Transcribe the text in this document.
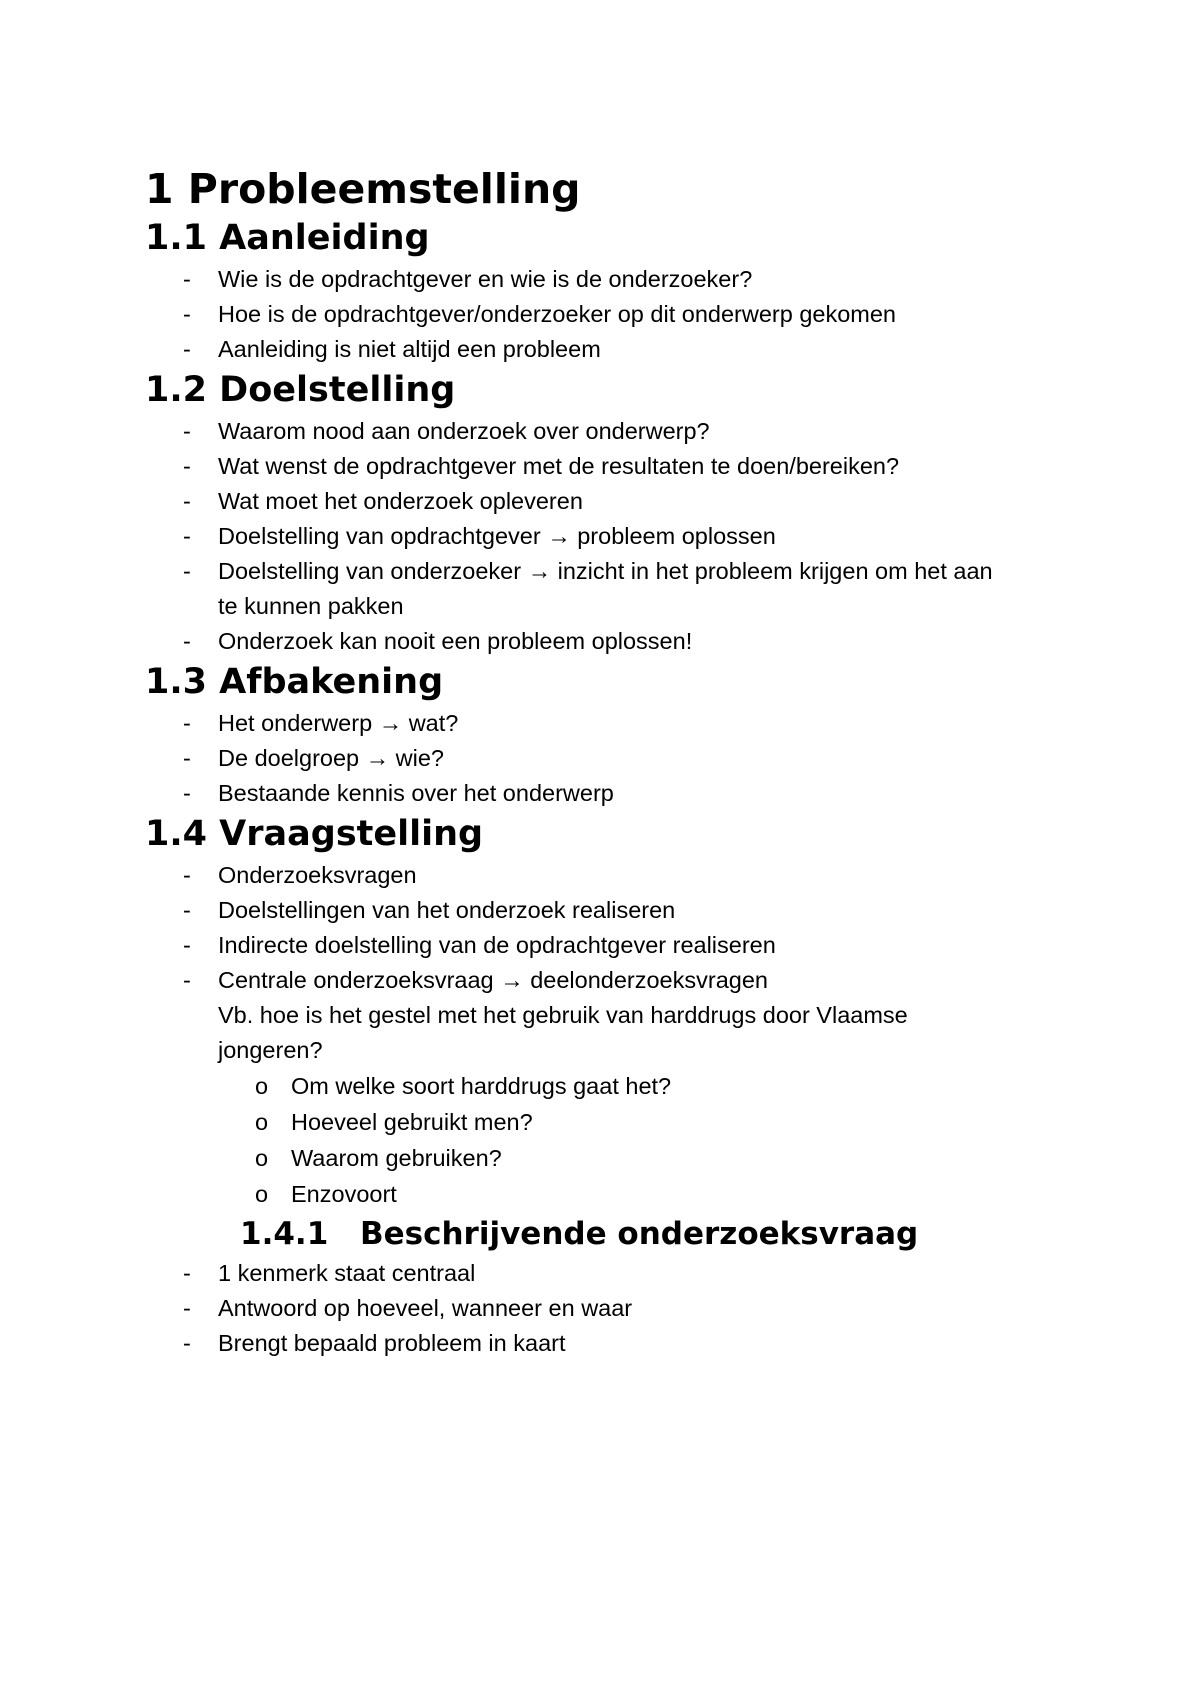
1 Probleemstelling
1.1 Aanleiding
- Wie is de opdrachtgever en wie is de onderzoeker?
- Hoe is de opdrachtgever/onderzoeker op dit onderwerp gekomen
- Aanleiding is niet altijd een probleem
1.2 Doelstelling
- Waarom nood aan onderzoek over onderwerp?
- Wat wenst de opdrachtgever met de resultaten te doen/bereiken?
- Wat moet het onderzoek opleveren
- Doelstelling van opdrachtgever → probleem oplossen
- Doelstelling van onderzoeker → inzicht in het probleem krijgen om het aan te kunnen pakken
- Onderzoek kan nooit een probleem oplossen!
1.3 Afbakening
- Het onderwerp → wat?
- De doelgroep → wie?
- Bestaande kennis over het onderwerp
1.4 Vraagstelling
- Onderzoeksvragen
- Doelstellingen van het onderzoek realiseren
- Indirecte doelstelling van de opdrachtgever realiseren
- Centrale onderzoeksvraag → deelonderzoeksvragen
Vb. hoe is het gestel met het gebruik van harddrugs door Vlaamse jongeren?
o Om welke soort harddrugs gaat het?
o Hoeveel gebruikt men?
o Waarom gebruiken?
o Enzovoort
1.4.1 Beschrijvende onderzoeksvraag
- 1 kenmerk staat centraal
- Antwoord op hoeveel, wanneer en waar
- Brengt bepaald probleem in kaart
